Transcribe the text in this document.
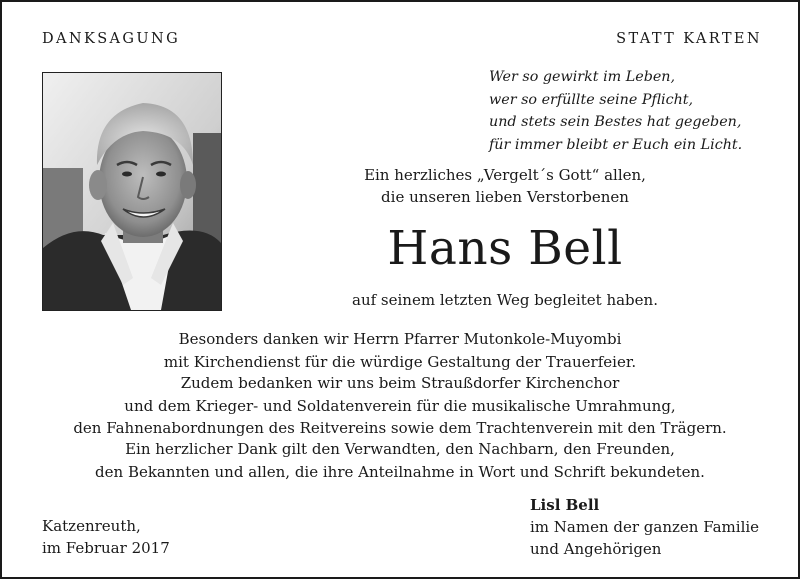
DANKSAGUNG	STATT KARTEN
Wer so gewirkt im Leben,
wer so erfüllte seine Pflicht,
und stets sein Bestes hat gegeben,
für immer bleibt er Euch ein Licht.
Ein herzliches „Vergelt´s Gott“ allen,
die unseren lieben Verstorbenen
Hans Bell
auf seinem letzten Weg begleitet haben.
Besonders danken wir Herrn Pfarrer Mutonkole-Muyombi
mit Kirchendienst für die würdige Gestaltung der Trauerfeier.
Zudem bedanken wir uns beim Straußdorfer Kirchenchor
und dem Krieger- und Soldatenverein für die musikalische Umrahmung,
den Fahnenabordnungen des Reitvereins sowie dem Trachtenverein mit den Trägern.
Ein herzlicher Dank gilt den Verwandten, den Nachbarn, den Freunden,
den Bekannten und allen, die ihre Anteilnahme in Wort und Schrift bekundeten.
Katzenreuth,
im Februar 2017
Lisl Bell
im Namen der ganzen Familie
und Angehörigen
